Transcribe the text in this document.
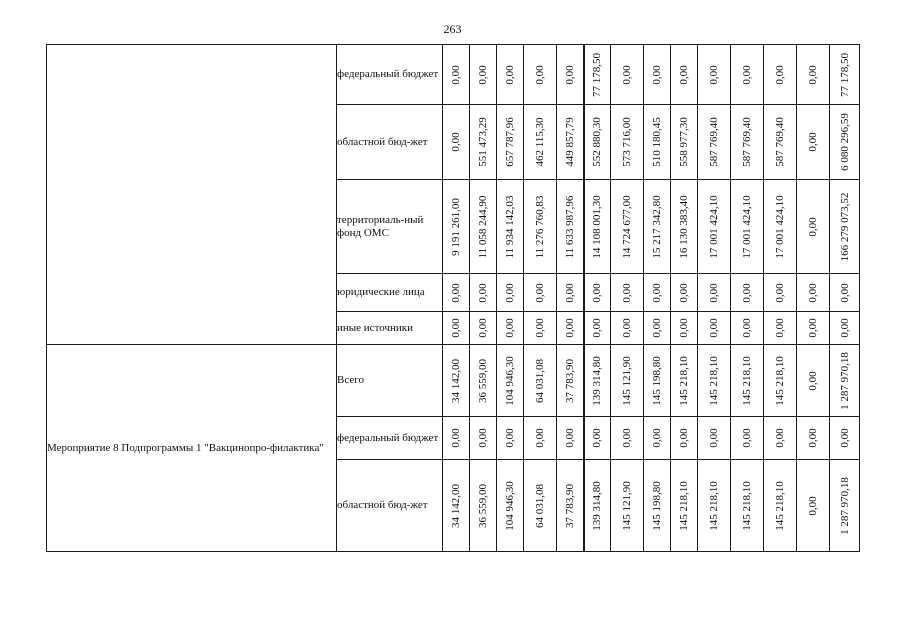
263
	федеральный бюджет	0,00	0,00	0,00	0,00	0,00	77 178,50	0,00	0,00	0,00	0,00	0,00	0,00	0,00	77 178,50

	областной бюд-жет	0,00	551 473,29	657 787,96	462 115,30	449 857,79	552 880,30	573 716,00	510 180,45	558 977,30	587 769,40	587 769,40	587 769,40	0,00	6 080 296,59

	территориаль-ный фонд ОМС	9 191 261,00	11 058 244,90	11 934 142,03	11 276 760,83	11 633 987,96	14 108 001,30	14 724 677,00	15 217 342,80	16 130 383,40	17 001 424,10	17 001 424,10	17 001 424,10	0,00	166 279 073,52

	юридические лица	0,00	0,00	0,00	0,00	0,00	0,00	0,00	0,00	0,00	0,00	0,00	0,00	0,00	0,00

	иные источники	0,00	0,00	0,00	0,00	0,00	0,00	0,00	0,00	0,00	0,00	0,00	0,00	0,00	0,00

Мероприятие 8 Подпрограммы 1 "Вакцинопро-филактика"	Всего	34 142,00	36 559,00	104 946,30	64 031,08	37 783,90	139 314,80	145 121,90	145 198,80	145 218,10	145 218,10	145 218,10	145 218,10	0,00	1 287 970,18

	федеральный бюджет	0,00	0,00	0,00	0,00	0,00	0,00	0,00	0,00	0,00	0,00	0,00	0,00	0,00	0,00

	областной бюд-жет	34 142,00	36 559,00	104 946,30	64 031,08	37 783,90	139 314,80	145 121,90	145 198,80	145 218,10	145 218,10	145 218,10	145 218,10	0,00	1 287 970,18
